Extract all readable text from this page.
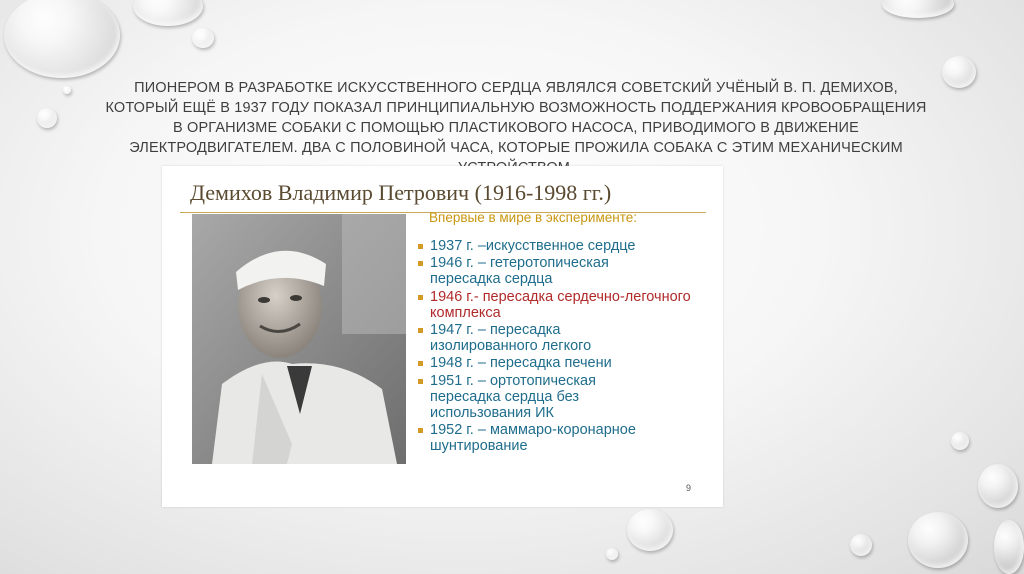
ПИОНЕРОМ В РАЗРАБОТКЕ ИСКУССТВЕННОГО СЕРДЦА ЯВЛЯЛСЯ СОВЕТСКИЙ УЧЁНЫЙ В. П. ДЕМИХОВ, КОТОРЫЙ ЕЩЁ В 1937 ГОДУ ПОКАЗАЛ ПРИНЦИПИАЛЬНУЮ ВОЗМОЖНОСТЬ ПОДДЕРЖАНИЯ КРОВООБРАЩЕНИЯ В ОРГАНИЗМЕ СОБАКИ С ПОМОЩЬЮ ПЛАСТИКОВОГО НАСОСА, ПРИВОДИМОГО В ДВИЖЕНИЕ ЭЛЕКТРОДВИГАТЕЛЕМ. ДВА С ПОЛОВИНОЙ ЧАСА, КОТОРЫЕ ПРОЖИЛА СОБАКА С ЭТИМ МЕХАНИЧЕСКИМ
Демихов Владимир Петрович (1916-1998 гг.)
Впервые в мире в эксперименте:
1937 г. –искусственное сердце
1946 г. – гетеротопическая пересадка сердца
1946 г.- пересадка сердечно-легочного комплекса
1947 г. – пересадка изолированного легкого
1948 г. – пересадка печени
1951 г. – ортотопическая пересадка сердца без использования ИК
1952 г. – маммаро-коронарное шунтирование
9
